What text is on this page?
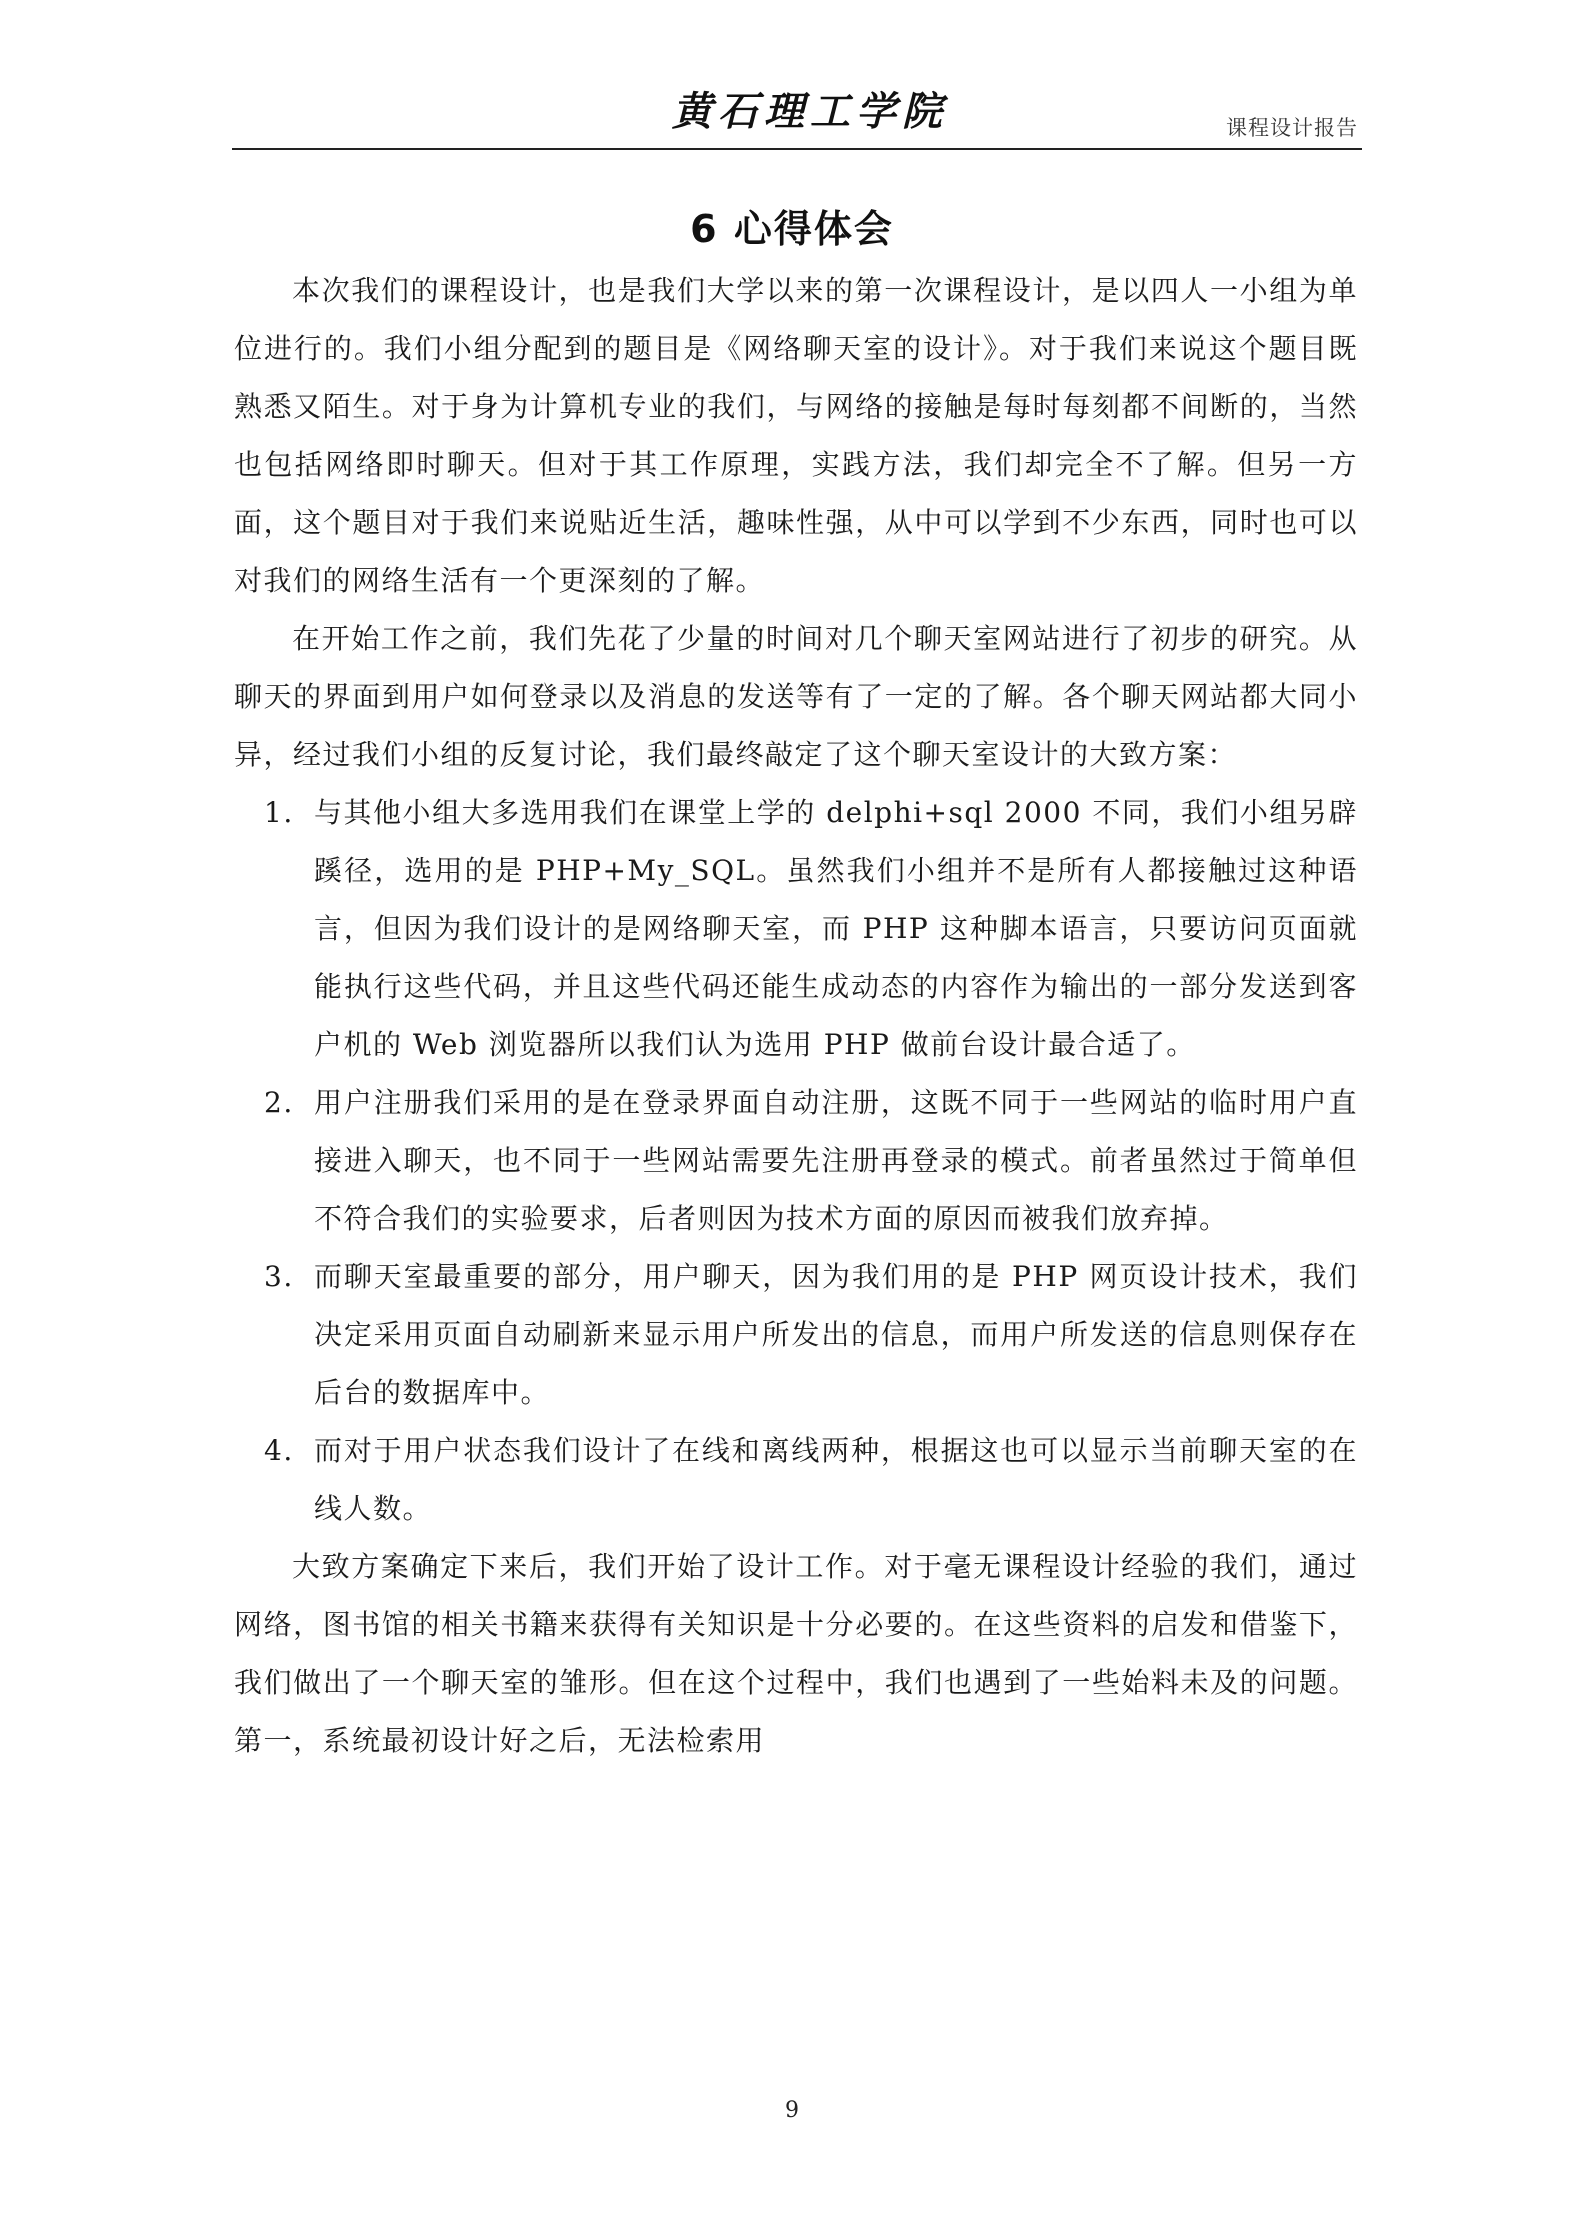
黄石理工学院	课程设计报告
6 心得体会

本次我们的课程设计，也是我们大学以来的第一次课程设计，是以四人一小组为单位进行的。我们小组分配到的题目是《网络聊天室的设计》。对于我们来说这个题目既熟悉又陌生。对于身为计算机专业的我们，与网络的接触是每时每刻都不间断的，当然也包括网络即时聊天。但对于其工作原理，实践方法，我们却完全不了解。但另一方面，这个题目对于我们来说贴近生活，趣味性强，从中可以学到不少东西，同时也可以对我们的网络生活有一个更深刻的了解。

在开始工作之前，我们先花了少量的时间对几个聊天室网站进行了初步的研究。从聊天的界面到用户如何登录以及消息的发送等有了一定的了解。各个聊天网站都大同小异，经过我们小组的反复讨论，我们最终敲定了这个聊天室设计的大致方案：

1. 与其他小组大多选用我们在课堂上学的 delphi+sql 2000 不同，我们小组另辟蹊径，选用的是 PHP+My_SQL。虽然我们小组并不是所有人都接触过这种语言，但因为我们设计的是网络聊天室，而 PHP 这种脚本语言，只要访问页面就能执行这些代码，并且这些代码还能生成动态的内容作为输出的一部分发送到客户机的 Web 浏览器所以我们认为选用 PHP 做前台设计最合适了。
2. 用户注册我们采用的是在登录界面自动注册，这既不同于一些网站的临时用户直接进入聊天，也不同于一些网站需要先注册再登录的模式。前者虽然过于简单但不符合我们的实验要求，后者则因为技术方面的原因而被我们放弃掉。
3. 而聊天室最重要的部分，用户聊天，因为我们用的是 PHP 网页设计技术，我们决定采用页面自动刷新来显示用户所发出的信息，而用户所发送的信息则保存在后台的数据库中。
4. 而对于用户状态我们设计了在线和离线两种，根据这也可以显示当前聊天室的在线人数。

大致方案确定下来后，我们开始了设计工作。对于毫无课程设计经验的我们，通过网络，图书馆的相关书籍来获得有关知识是十分必要的。在这些资料的启发和借鉴下，我们做出了一个聊天室的雏形。但在这个过程中，我们也遇到了一些始料未及的问题。第一，系统最初设计好之后，无法检索用

9
